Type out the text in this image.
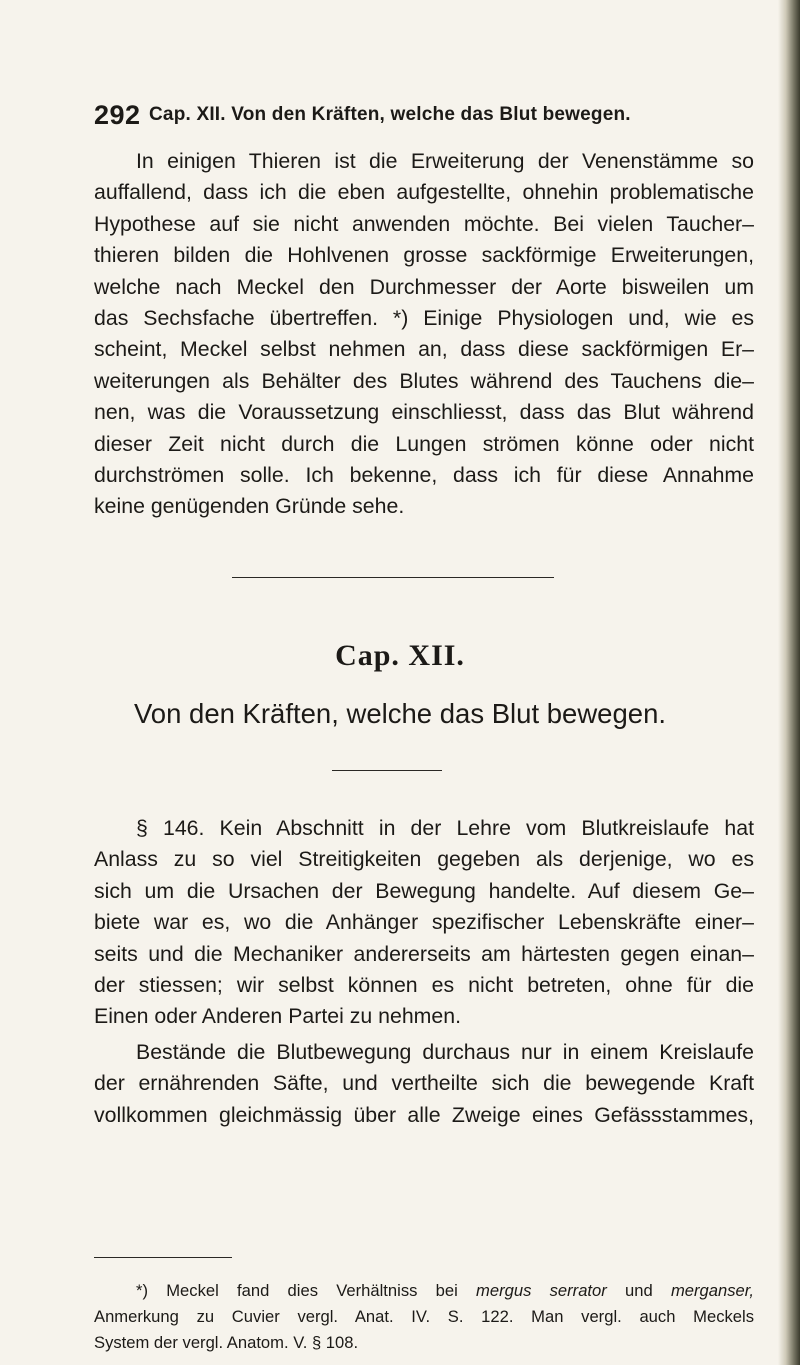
292 Cap. XII. Von den Kräften, welche das Blut bewegen.
In einigen Thieren ist die Erweiterung der Venenstämme so
auffallend, dass ich die eben aufgestellte, ohnehin problematische
Hypothese auf sie nicht anwenden möchte. Bei vielen Taucher–
thieren bilden die Hohlvenen grosse sackförmige Erweiterungen,
welche nach Meckel den Durchmesser der Aorte bisweilen um
das Sechsfache übertreffen. *) Einige Physiologen und, wie es
scheint, Meckel selbst nehmen an, dass diese sackförmigen Er–
weiterungen als Behälter des Blutes während des Tauchens die–
nen, was die Voraussetzung einschliesst, dass das Blut während
dieser Zeit nicht durch die Lungen strömen könne oder nicht
durchströmen solle. Ich bekenne, dass ich für diese Annahme
keine genügenden Gründe sehe.
Cap. XII.
Von den Kräften, welche das Blut bewegen.
§ 146. Kein Abschnitt in der Lehre vom Blutkreislaufe hat
Anlass zu so viel Streitigkeiten gegeben als derjenige, wo es
sich um die Ursachen der Bewegung handelte. Auf diesem Ge–
biete war es, wo die Anhänger spezifischer Lebenskräfte einer–
seits und die Mechaniker andererseits am härtesten gegen einan–
der stiessen; wir selbst können es nicht betreten, ohne für die
Einen oder Anderen Partei zu nehmen.
Bestände die Blutbewegung durchaus nur in einem Kreislaufe
der ernährenden Säfte, und vertheilte sich die bewegende Kraft
vollkommen gleichmässig über alle Zweige eines Gefässstammes,
*) Meckel fand dies Verhältniss bei mergus serrator und merganser,
Anmerkung zu Cuvier vergl. Anat. IV. S. 122. Man vergl. auch Meckels
System der vergl. Anatom. V. § 108.
